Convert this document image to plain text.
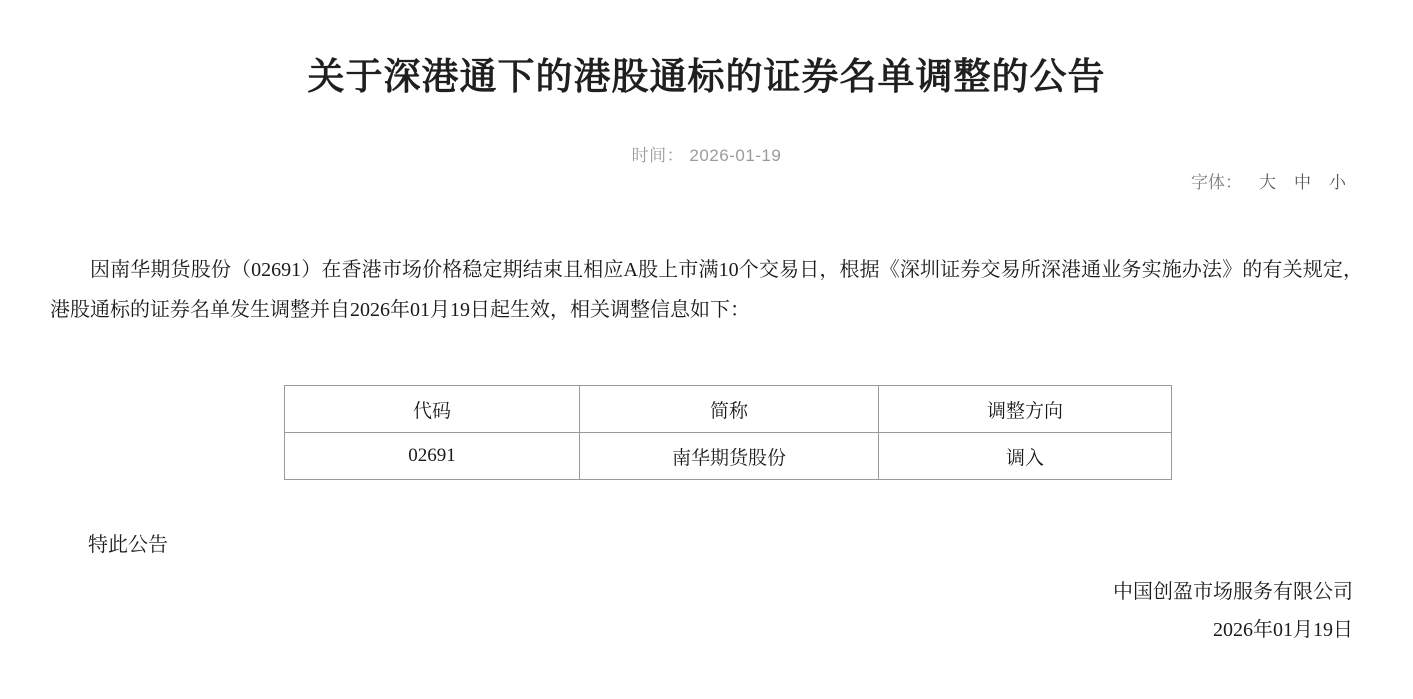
关于深港通下的港股通标的证券名单调整的公告
时间： 2026-01-19
字体：	大	中	小

因南华期货股份（02691）在香港市场价格稳定期结束且相应A股上市满10个交易日，根据《深圳证券交易所深港通业务实施办法》的有关规定，港股通标的证券名单发生调整并自2026年01月19日起生效，相关调整信息如下：

代码	简称	调整方向
02691	南华期货股份	调入
特此公告
中国创盈市场服务有限公司
2026年01月19日
